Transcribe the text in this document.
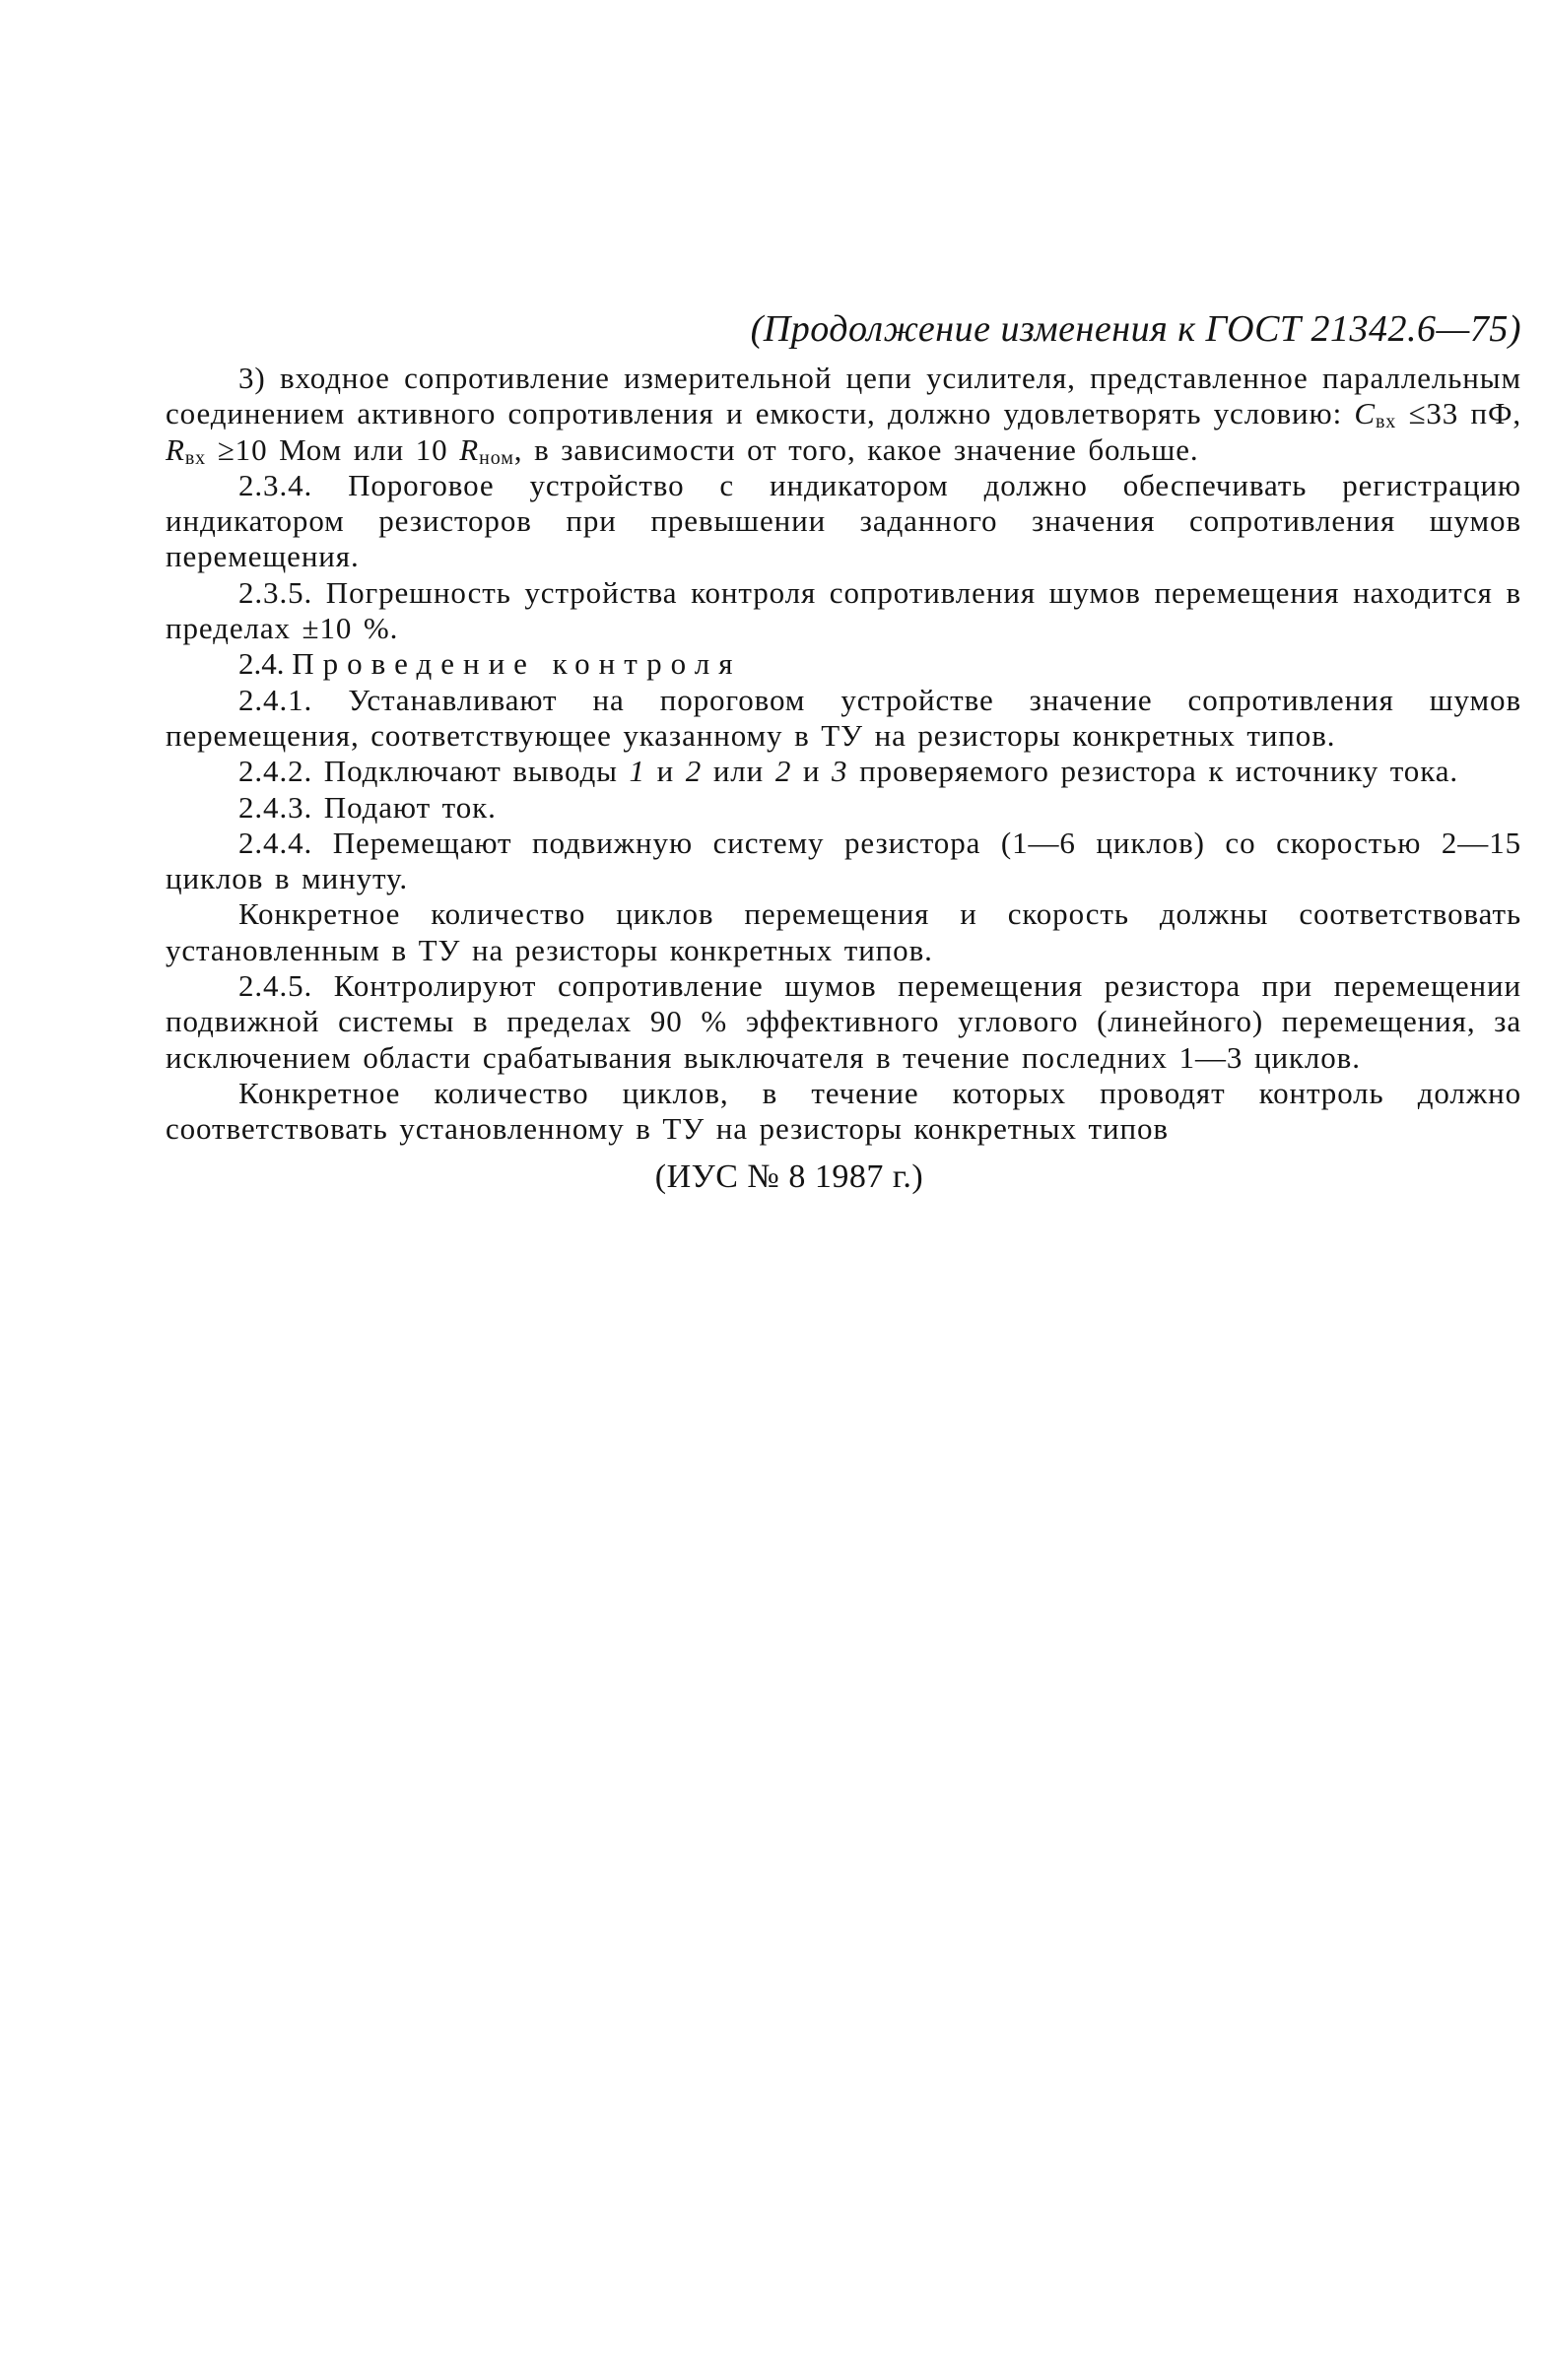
(Продолжение изменения к ГОСТ 21342.6—75)

3) входное сопротивление измерительной цепи усилителя, представленное параллельным соединением активного сопротивления и емкости, должно удовлетворять условию: $C_{вх} \le 33$ пФ, $R_{вх} \ge 10$ Мом или 10 $R_{ном}$, в зависимости от того, какое значение больше.

2.3.4. Пороговое устройство с индикатором должно обеспечивать регистрацию индикатором резисторов при превышении заданного значения сопротивления шумов перемещения.

2.3.5. Погрешность устройства контроля сопротивления шумов перемещения находится в пределах ±10 %.

2.4. Проведение контроля

2.4.1. Устанавливают на пороговом устройстве значение сопротивления шумов перемещения, соответствующее указанному в ТУ на резисторы конкретных типов.

2.4.2. Подключают выводы 1 и 2 или 2 и 3 проверяемого резистора к источнику тока.

2.4.3. Подают ток.

2.4.4. Перемещают подвижную систему резистора (1—6 циклов) со скоростью 2—15 циклов в минуту.

Конкретное количество циклов перемещения и скорость должны соответствовать установленным в ТУ на резисторы конкретных типов.

2.4.5. Контролируют сопротивление шумов перемещения резистора при перемещении подвижной системы в пределах 90 % эффективного углового (линейного) перемещения, за исключением области срабатывания выключателя в течение последних 1—3 циклов.

Конкретное количество циклов, в течение которых проводят контроль должно соответствовать установленному в ТУ на резисторы конкретных типов

(ИУС № 8 1987 г.)
